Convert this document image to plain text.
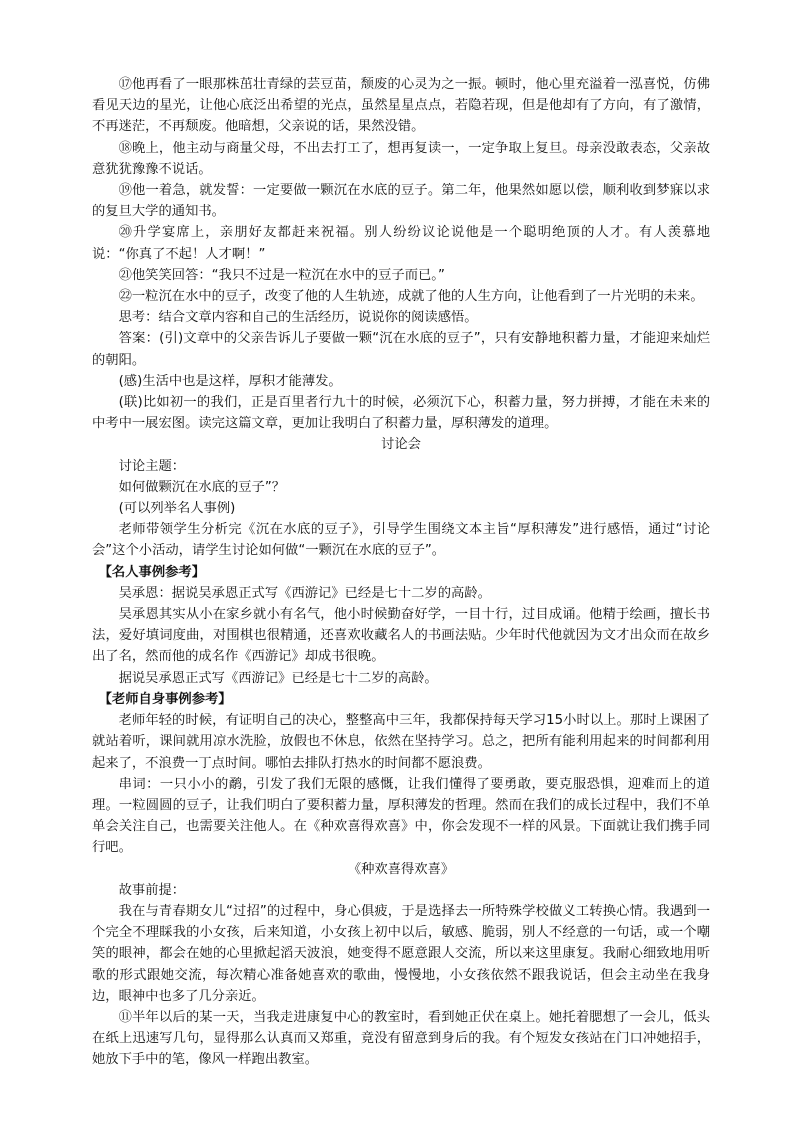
⑰他再看了一眼那株茁壮青绿的芸豆苗，颓废的心灵为之一振。顿时，他心里充溢着一泓喜悦，仿佛看见天边的星光，让他心底泛出希望的光点，虽然星星点点，若隐若现，但是他却有了方向，有了激情，不再迷茫，不再颓废。他暗想，父亲说的话，果然没错。

⑱晚上，他主动与商量父母，不出去打工了，想再复读一，一定争取上复旦。母亲没敢表态，父亲故意犹犹豫豫不说话。

⑲他一着急，就发誓：一定要做一颗沉在水底的豆子。第二年，他果然如愿以偿，顺利收到梦寐以求的复旦大学的通知书。

⑳升学宴席上，亲朋好友都赶来祝福。别人纷纷议论说他是一个聪明绝顶的人才。有人羡慕地说：“你真了不起！人才啊！”

㉑他笑笑回答：“我只不过是一粒沉在水中的豆子而已。”

㉒一粒沉在水中的豆子，改变了他的人生轨迹，成就了他的人生方向，让他看到了一片光明的未来。

思考：结合文章内容和自己的生活经历，说说你的阅读感悟。

答案：(引)文章中的父亲告诉儿子要做一颗“沉在水底的豆子”，只有安静地积蓄力量，才能迎来灿烂的朝阳。

(感)生活中也是这样，厚积才能薄发。

(联)比如初一的我们，正是百里者行九十的时候，必须沉下心，积蓄力量，努力拼搏，才能在未来的中考中一展宏图。读完这篇文章，更加让我明白了积蓄力量，厚积薄发的道理。

讨论会

讨论主题：

如何做颗沉在水底的豆子”？

(可以列举名人事例)

老师带领学生分析完《沉在水底的豆子》，引导学生围绕文本主旨“厚积薄发”进行感悟，通过“讨论会”这个小活动，请学生讨论如何做“一颗沉在水底的豆子”。

【名人事例参考】

吴承恩：据说吴承恩正式写《西游记》已经是七十二岁的高龄。

吴承恩其实从小在家乡就小有名气，他小时候勤奋好学，一目十行，过目成诵。他精于绘画，擅长书法，爱好填词度曲，对围棋也很精通，还喜欢收藏名人的书画法贴。少年时代他就因为文才出众而在故乡出了名，然而他的成名作《西游记》却成书很晚。

据说吴承恩正式写《西游记》已经是七十二岁的高龄。

【老师自身事例参考】

老师年轻的时候，有证明自己的决心，整整高中三年，我都保持每天学习15小时以上。那时上课困了就站着听，课间就用凉水洗脸，放假也不休息，依然在坚持学习。总之，把所有能利用起来的时间都利用起来了，不浪费一丁点时间。哪怕去排队打热水的时间都不愿浪费。

串词：一只小小的鹬，引发了我们无限的感慨，让我们懂得了要勇敢，要克服恐惧，迎难而上的道理。一粒圆圆的豆子，让我们明白了要积蓄力量，厚积薄发的哲理。然而在我们的成长过程中，我们不单单会关注自己，也需要关注他人。在《种欢喜得欢喜》中，你会发现不一样的风景。下面就让我们携手同行吧。

《种欢喜得欢喜》

故事前提：

我在与青春期女儿“过招”的过程中，身心俱疲，于是选择去一所特殊学校做义工转换心情。我遇到一个完全不理睬我的小女孩，后来知道，小女孩上初中以后，敏感、脆弱，别人不经意的一句话，或一个嘲笑的眼神，都会在她的心里掀起滔天波浪，她变得不愿意跟人交流，所以来这里康复。我耐心细致地用听歌的形式跟她交流，每次精心准备她喜欢的歌曲，慢慢地，小女孩依然不跟我说话，但会主动坐在我身边，眼神中也多了几分亲近。

⑪半年以后的某一天，当我走进康复中心的教室时，看到她正伏在桌上。她托着腮想了一会儿，低头在纸上迅速写几句，显得那么认真而又郑重，竟没有留意到身后的我。有个短发女孩站在门口冲她招手，她放下手中的笔，像风一样跑出教室。
